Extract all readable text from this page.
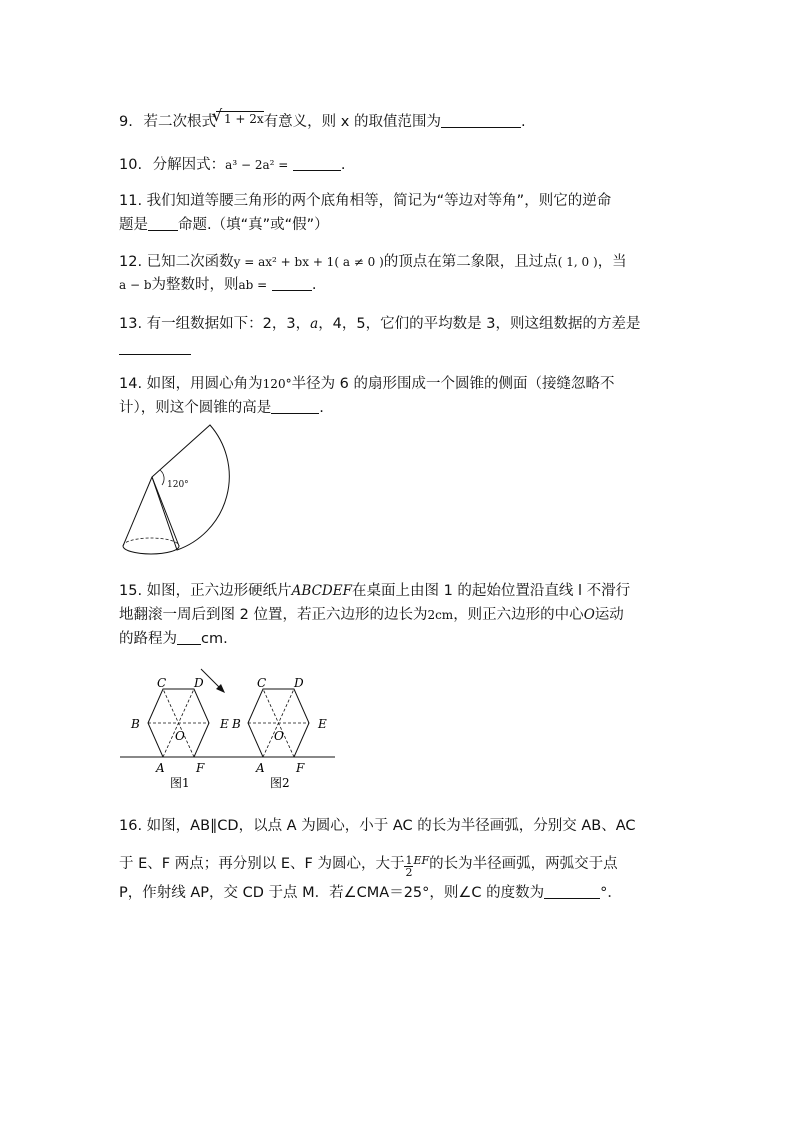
9. 若二次根式√ 1 + 2x有意义，则 x 的取值范围为	.
10. 分解因式：a³ − 2a² =	.
11. 我们知道等腰三角形的两个底角相等，简记为“等边对等角”，则它的逆命
题是 命题.（填“真”或“假”）
12. 已知二次函数y = ax² + bx + 1( a ≠ 0 )的顶点在第二象限，且过点( 1, 0 )，当
a − b为整数时，则ab =	.
13. 有一组数据如下：2，3，a，4，5，它们的平均数是 3，则这组数据的方差是
14. 如图，用圆心角为120°半径为 6 的扇形围成一个圆锥的侧面（接缝忽略不
计），则这个圆锥的高是	.
120°
15. 如图，正六边形硬纸片ABCDEF在桌面上由图 1 的起始位置沿直线 l 不滑行
地翻滚一周后到图 2 位置，若正六边形的边长为2cm，则正六边形的中心O运动
的路程为 cm.
C D
B	E
O
A	F
图1
C D
B	E
O
A	F
图2
16. 如图，AB∥CD，以点 A 为圆心，小于 AC 的长为半径画弧，分别交 AB、AC
于 E、F 两点；再分别以 E、F 为圆心，大于 $\frac{1}{2} ^{EF}$的长为半径画弧，两弧交于点
P，作射线 AP，交 CD 于点 M．若∠CMA＝25°，则∠C 的度数为	°．
